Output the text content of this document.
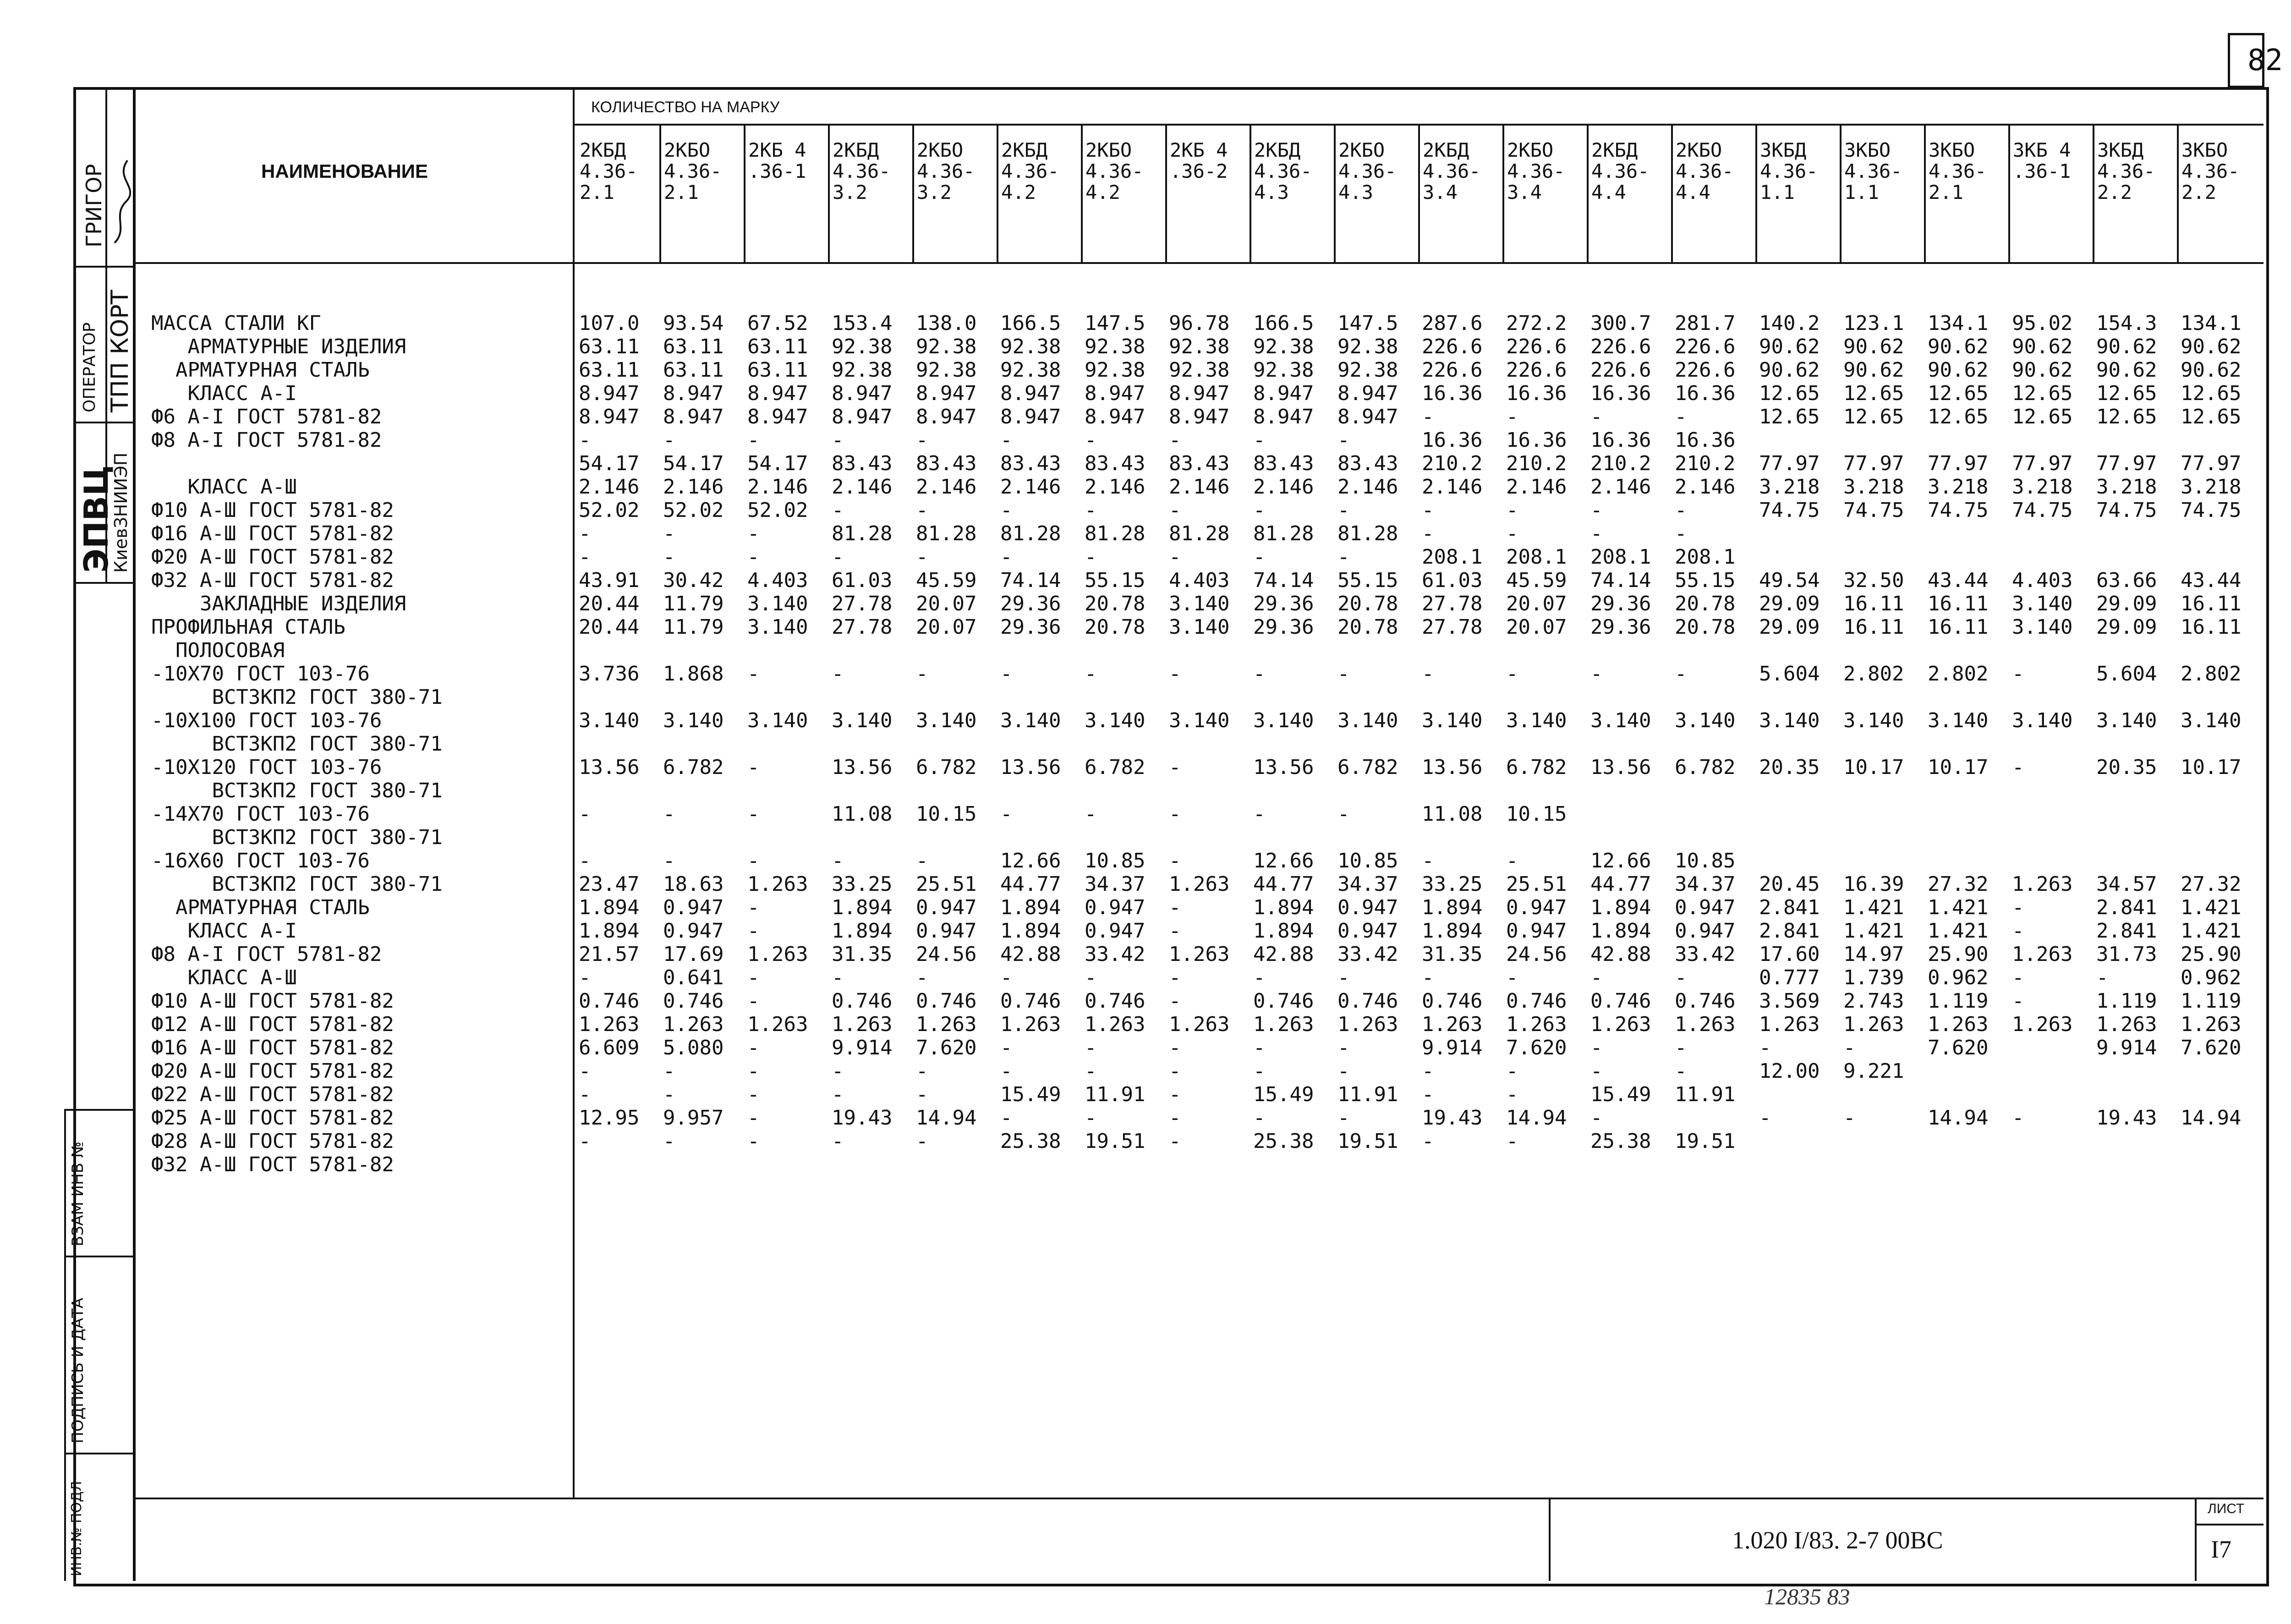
82
ГРИГОР
ОПЕРАТОР ТПП КОРТ
ЭПВЦ
КиевЗНИИЭП
ВЗАМ ИНВ №
ПОДПИСЬ И ДАТА
ИНВ.№ ПОДЛ
НАИМЕНОВАНИЕ
КОЛИЧЕСТВО НА МАРКУ
2КБД
4.36-
2.1
2КБО
4.36-
2.1
2КБ 4
.36-1
2КБД
4.36-
3.2
2КБО
4.36-
3.2
2КБД
4.36-
4.2
2КБО
4.36-
4.2
2КБ 4
.36-2
2КБД
4.36-
4.3
2КБО
4.36-
4.3
2КБД
4.36-
3.4
2КБО
4.36-
3.4
2КБД
4.36-
4.4
2КБО
4.36-
4.4
3КБД
4.36-
1.1
3КБО
4.36-
1.1
3КБО
4.36-
2.1
3КБ 4
.36-1
3КБД
4.36-
2.2
3КБО
4.36-
2.2
МАССА СТАЛИ КГ
АРМАТУРНЫЕ ИЗДЕЛИЯ
АРМАТУРНАЯ СТАЛЬ
КЛАСС А-I
Ф6 А-I ГОСТ 5781-82
Ф8 А-I ГОСТ 5781-82
КЛАСС А-Ш
Ф10 А-Ш ГОСТ 5781-82
Ф16 А-Ш ГОСТ 5781-82
Ф20 А-Ш ГОСТ 5781-82
Ф32 А-Ш ГОСТ 5781-82
ЗАКЛАДНЫЕ ИЗДЕЛИЯ
ПРОФИЛЬНАЯ СТАЛЬ
ПОЛОСОВАЯ
-10Х70 ГОСТ 103-76
ВСТЗКП2 ГОСТ 380-71
-10Х100 ГОСТ 103-76
ВСТЗКП2 ГОСТ 380-71
-10Х120 ГОСТ 103-76
ВСТЗКП2 ГОСТ 380-71
-14Х70 ГОСТ 103-76
ВСТЗКП2 ГОСТ 380-71
-16Х60 ГОСТ 103-76
ВСТЗКП2 ГОСТ 380-71
АРМАТУРНАЯ СТАЛЬ
КЛАСС А-I
Ф8 А-I ГОСТ 5781-82
КЛАСС А-Ш
Ф10 А-Ш ГОСТ 5781-82
Ф12 А-Ш ГОСТ 5781-82
Ф16 А-Ш ГОСТ 5781-82
Ф20 А-Ш ГОСТ 5781-82
Ф22 А-Ш ГОСТ 5781-82
Ф25 А-Ш ГОСТ 5781-82
Ф28 А-Ш ГОСТ 5781-82
Ф32 А-Ш ГОСТ 5781-82
107.0
63.11
63.11
8.947
8.947
-
54.17
2.146
52.02
-
-
43.91
20.44
20.44
3.736
3.140
13.56
-
-
23.47
1.894
1.894
21.57
-
0.746
1.263
6.609
-
-
12.95
-
93.54
63.11
63.11
8.947
8.947
-
54.17
2.146
52.02
-
-
30.42
11.79
11.79
1.868
3.140
6.782
-
-
18.63
0.947
0.947
17.69
0.641
0.746
1.263
5.080
-
-
9.957
-
67.52
63.11
63.11
8.947
8.947
-
54.17
2.146
52.02
-
-
4.403
3.140
3.140
-
3.140
-
-
-
1.263
-
-
1.263
-
-
1.263
-
-
-
-
-
153.4
92.38
92.38
8.947
8.947
-
83.43
2.146
-
81.28
-
61.03
27.78
27.78
-
3.140
13.56
11.08
-
33.25
1.894
1.894
31.35
-
0.746
1.263
9.914
-
-
19.43
-
138.0
92.38
92.38
8.947
8.947
-
83.43
2.146
-
81.28
-
45.59
20.07
20.07
-
3.140
6.782
10.15
-
25.51
0.947
0.947
24.56
-
0.746
1.263
7.620
-
-
14.94
-
166.5
92.38
92.38
8.947
8.947
-
83.43
2.146
-
81.28
-
74.14
29.36
29.36
-
3.140
13.56
-
12.66
44.77
1.894
1.894
42.88
-
0.746
1.263
-
-
15.49
-
25.38
147.5
92.38
92.38
8.947
8.947
-
83.43
2.146
-
81.28
-
55.15
20.78
20.78
-
3.140
6.782
-
10.85
34.37
0.947
0.947
33.42
-
0.746
1.263
-
-
11.91
-
19.51
96.78
92.38
92.38
8.947
8.947
-
83.43
2.146
-
81.28
-
4.403
3.140
3.140
-
3.140
-
-
-
1.263
-
-
1.263
-
-
1.263
-
-
-
-
-
166.5
92.38
92.38
8.947
8.947
-
83.43
2.146
-
81.28
-
74.14
29.36
29.36
-
3.140
13.56
-
12.66
44.77
1.894
1.894
42.88
-
0.746
1.263
-
-
15.49
-
25.38
147.5
92.38
92.38
8.947
8.947
-
83.43
2.146
-
81.28
-
55.15
20.78
20.78
-
3.140
6.782
-
10.85
34.37
0.947
0.947
33.42
-
0.746
1.263
-
-
11.91
-
19.51
287.6
226.6
226.6
16.36
-
16.36
210.2
2.146
-
-
208.1
61.03
27.78
27.78
-
3.140
13.56
11.08
-
33.25
1.894
1.894
31.35
-
0.746
1.263
9.914
-
-
19.43
-
272.2
226.6
226.6
16.36
-
16.36
210.2
2.146
-
-
208.1
45.59
20.07
20.07
-
3.140
6.782
10.15
-
25.51
0.947
0.947
24.56
-
0.746
1.263
7.620
-
-
14.94
-
300.7
226.6
226.6
16.36
-
16.36
210.2
2.146
-
-
208.1
74.14
29.36
29.36
-
3.140
13.56
12.66
44.77
1.894
1.894
42.88
-
0.746
1.263
-
-
15.49
-
25.38
281.7
226.6
226.6
16.36
-
16.36
210.2
2.146
-
-
208.1
55.15
20.78
20.78
-
3.140
6.782
10.85
34.37
0.947
0.947
33.42
-
0.746
1.263
-
-
11.91
19.51
140.2
90.62
90.62
12.65
12.65
77.97
3.218
74.75
49.54
29.09
29.09
5.604
3.140
20.35
20.45
2.841
2.841
17.60
0.777
3.569
1.263
-
12.00
-
123.1
90.62
90.62
12.65
12.65
77.97
3.218
74.75
32.50
16.11
16.11
2.802
3.140
10.17
16.39
1.421
1.421
14.97
1.739
2.743
1.263
-
9.221
-
134.1
90.62
90.62
12.65
12.65
77.97
3.218
74.75
43.44
16.11
16.11
2.802
3.140
10.17
27.32
1.421
1.421
25.90
0.962
1.119
1.263
7.620
14.94
95.02
90.62
90.62
12.65
12.65
77.97
3.218
74.75
4.403
3.140
3.140
-
3.140
-
1.263
-
-
1.263
-
-
1.263
-
154.3
90.62
90.62
12.65
12.65
77.97
3.218
74.75
63.66
29.09
29.09
5.604
3.140
20.35
34.57
2.841
2.841
31.73
-
1.119
1.263
9.914
19.43
134.1
90.62
90.62
12.65
12.65
77.97
3.218
74.75
43.44
16.11
16.11
2.802
3.140
10.17
27.32
1.421
1.421
25.90
0.962
1.119
1.263
7.620
14.94
1.020 I/83. 2-7 00ВС
ЛИСТ
I7
12835 83
